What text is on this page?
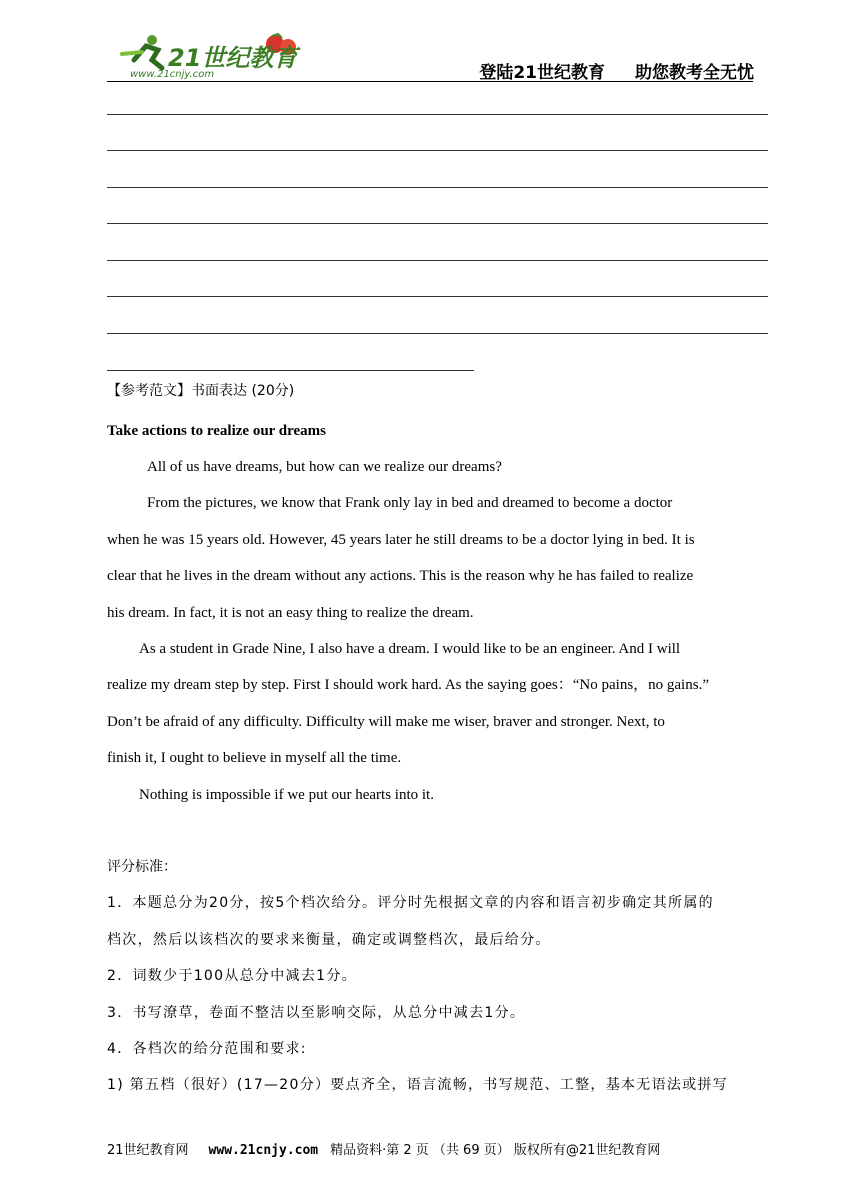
21世纪教育
www.21cnjy.com	登陆21世纪教育 助您教考全无忧
【参考范文】书面表达 (20分)
Take actions to realize our dreams
All of us have dreams, but how can we realize our dreams?
From the pictures, we know that Frank only lay in bed and dreamed to become a doctor
when he was 15 years old. However, 45 years later he still dreams to be a doctor lying in bed. It is
clear that he lives in the dream without any actions. This is the reason why he has failed to realize
his dream. In fact, it is not an easy thing to realize the dream.
As a student in Grade Nine, I also have a dream. I would like to be an engineer. And I will
realize my dream step by step. First I should work hard. As the saying goes：“No pains，no gains.”
Don’t be afraid of any difficulty. Difficulty will make me wiser, braver and stronger. Next, to
finish it, I ought to believe in myself all the time.
Nothing is impossible if we put our hearts into it.
评分标准：
1．本题总分为20分，按5个档次给分。评分时先根据文章的内容和语言初步确定其所属的
档次，然后以该档次的要求来衡量，确定或调整档次，最后给分。
2．词数少于100从总分中减去1分。
3．书写潦草，卷面不整洁以至影响交际，从总分中减去1分。
4．各档次的给分范围和要求:
1) 第五档（很好）(17—20分）要点齐全，语言流畅，书写规范、工整，基本无语法或拼写
21世纪教育网 www.21cnjy.com 精品资料·第 2 页 （共 69 页） 版权所有@21世纪教育网
